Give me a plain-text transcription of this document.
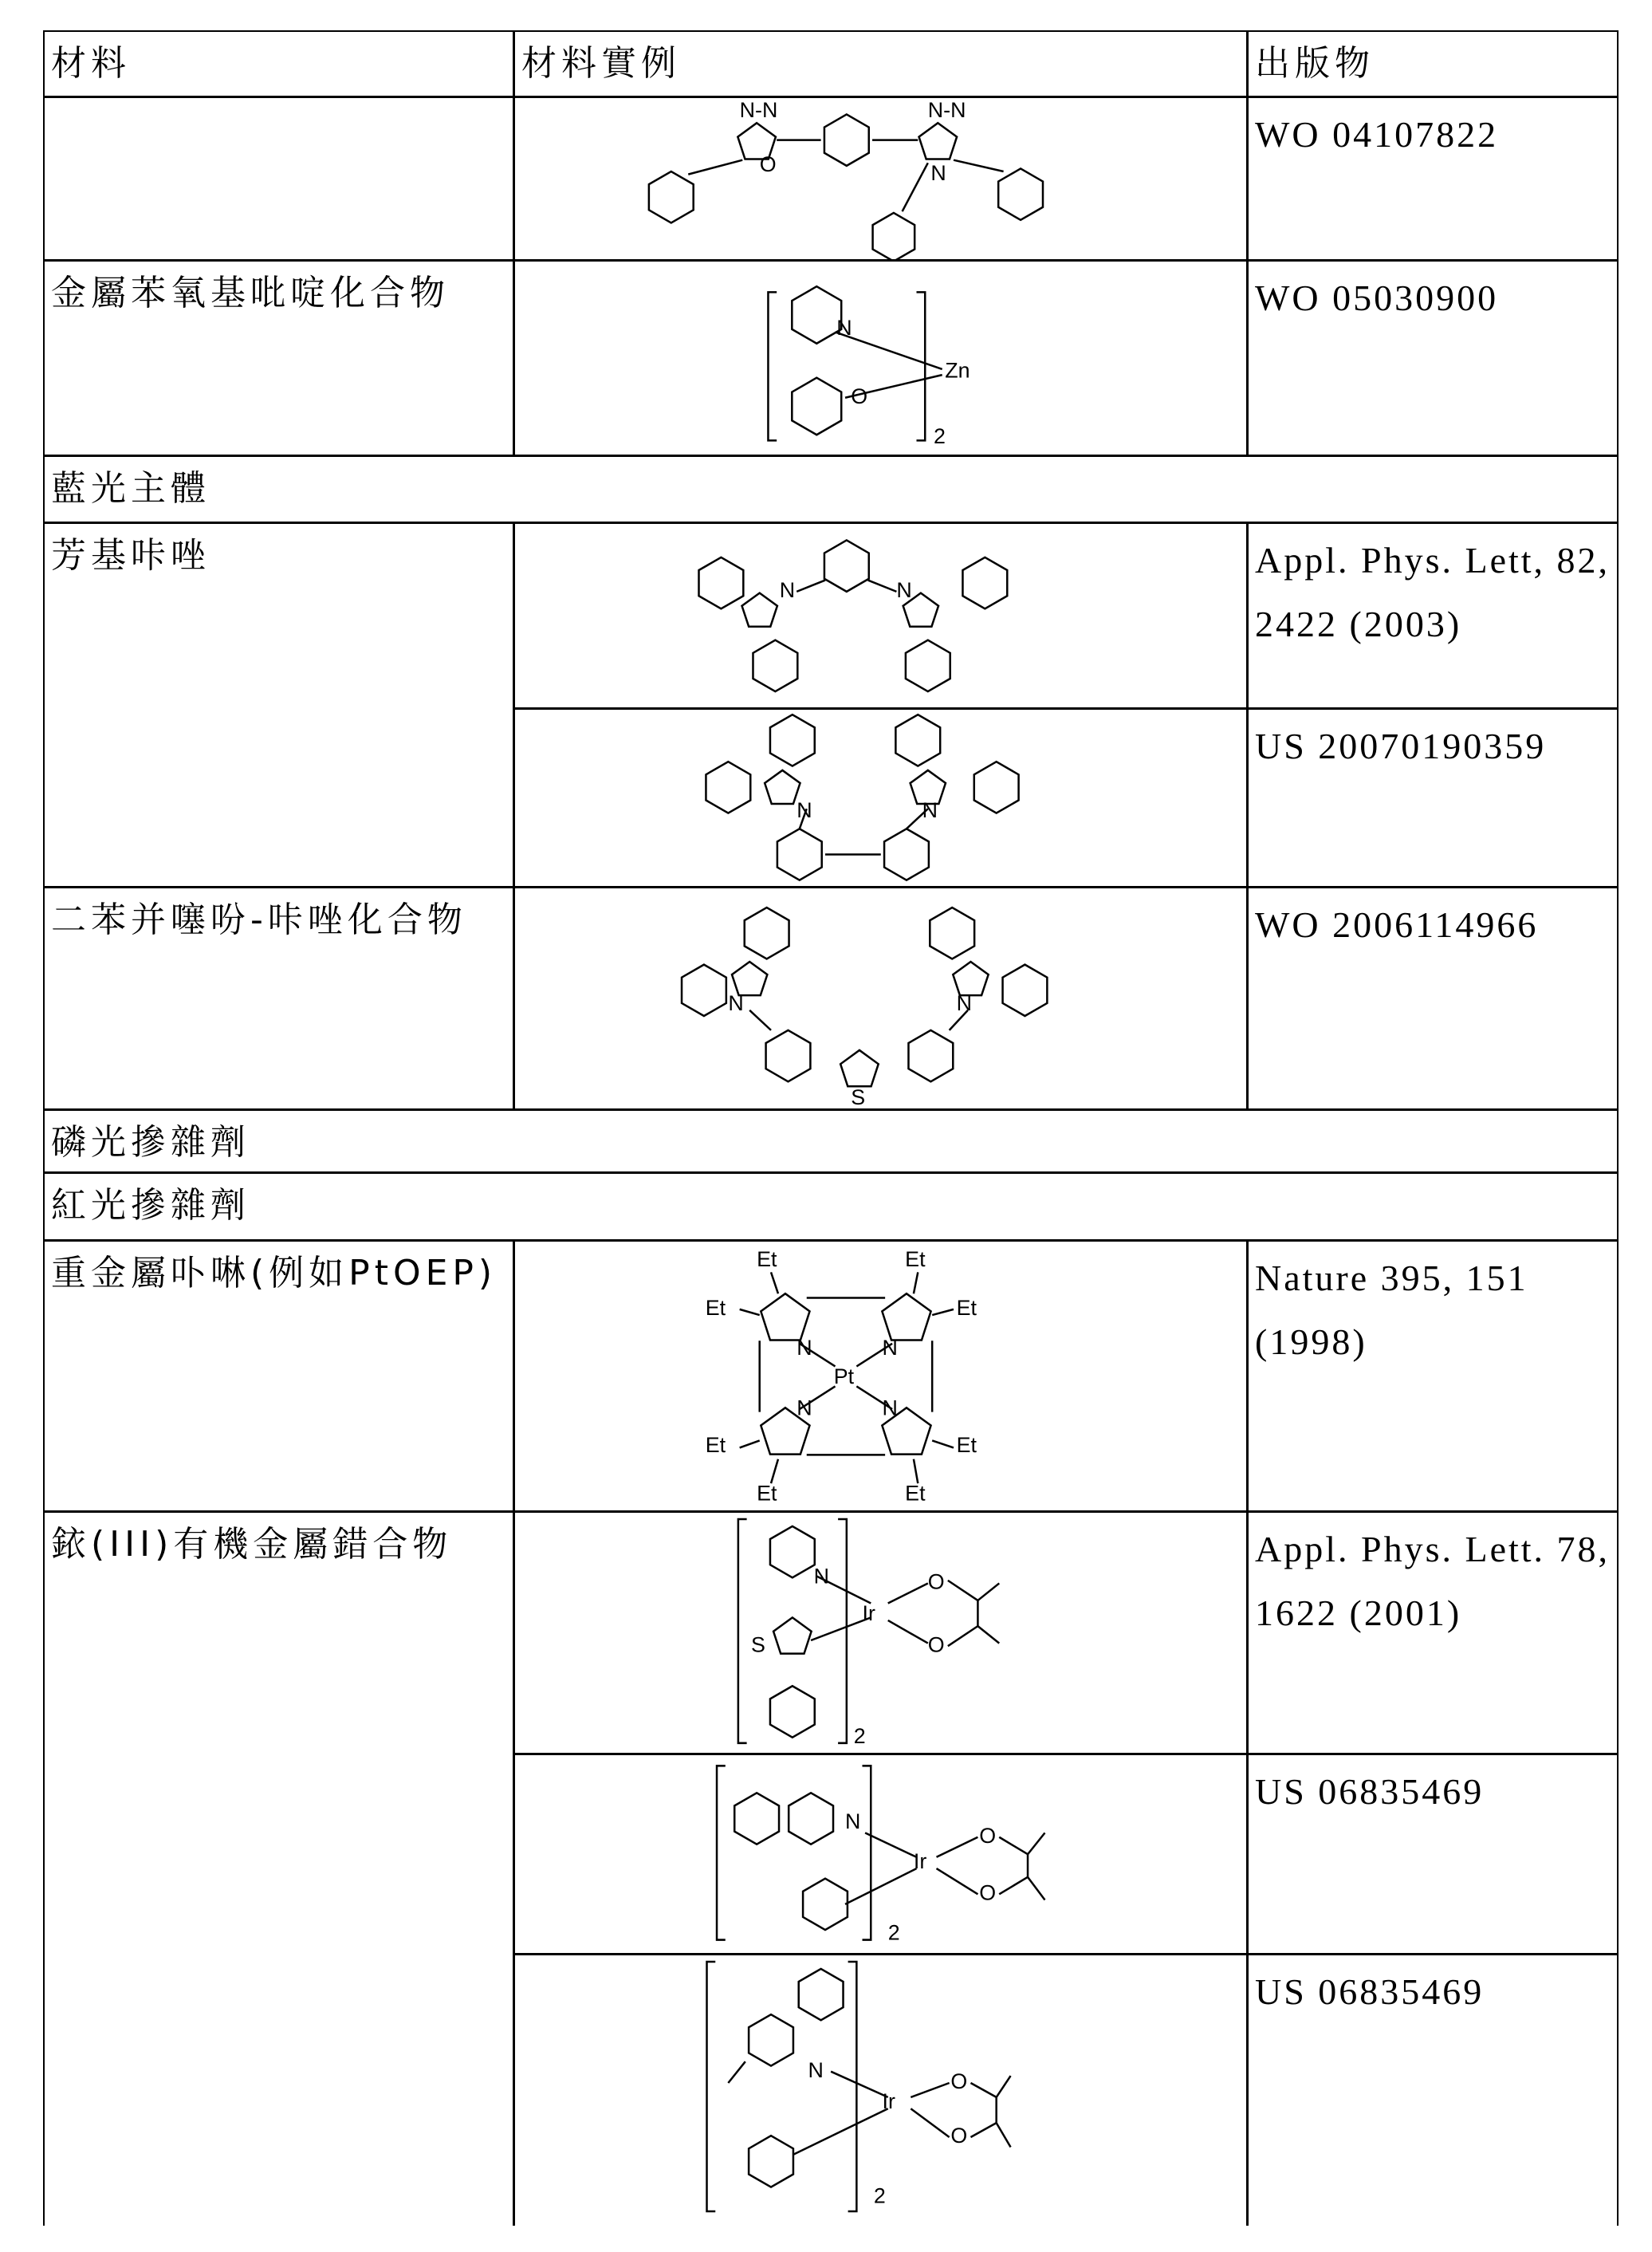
材料	材料實例	出版物
WO 04107822
金屬苯氧基吡啶化合物	WO 05030900
藍光主體
芳基咔唑	Appl. Phys. Lett, 82, 2422 (2003)
US 20070190359
二苯并噻吩-咔唑化合物	WO 2006114966
磷光摻雜劑
紅光摻雜劑
重金屬卟啉(例如PtOEP)	Nature 395, 151 (1998)
銥(III)有機金屬錯合物	Appl. Phys. Lett. 78, 1622 (2001)
US 06835469
US 06835469
N-N
O
N-N
N
N
O
Zn
2
N	N
N	N
N	N
S
Et	Et
Et	Et
Et	Et
Et	Et
N	N
N	N
Pt
N
S
Ir
O
O
2
N
Ir
O
O
2
N
Ir
O
O
2
